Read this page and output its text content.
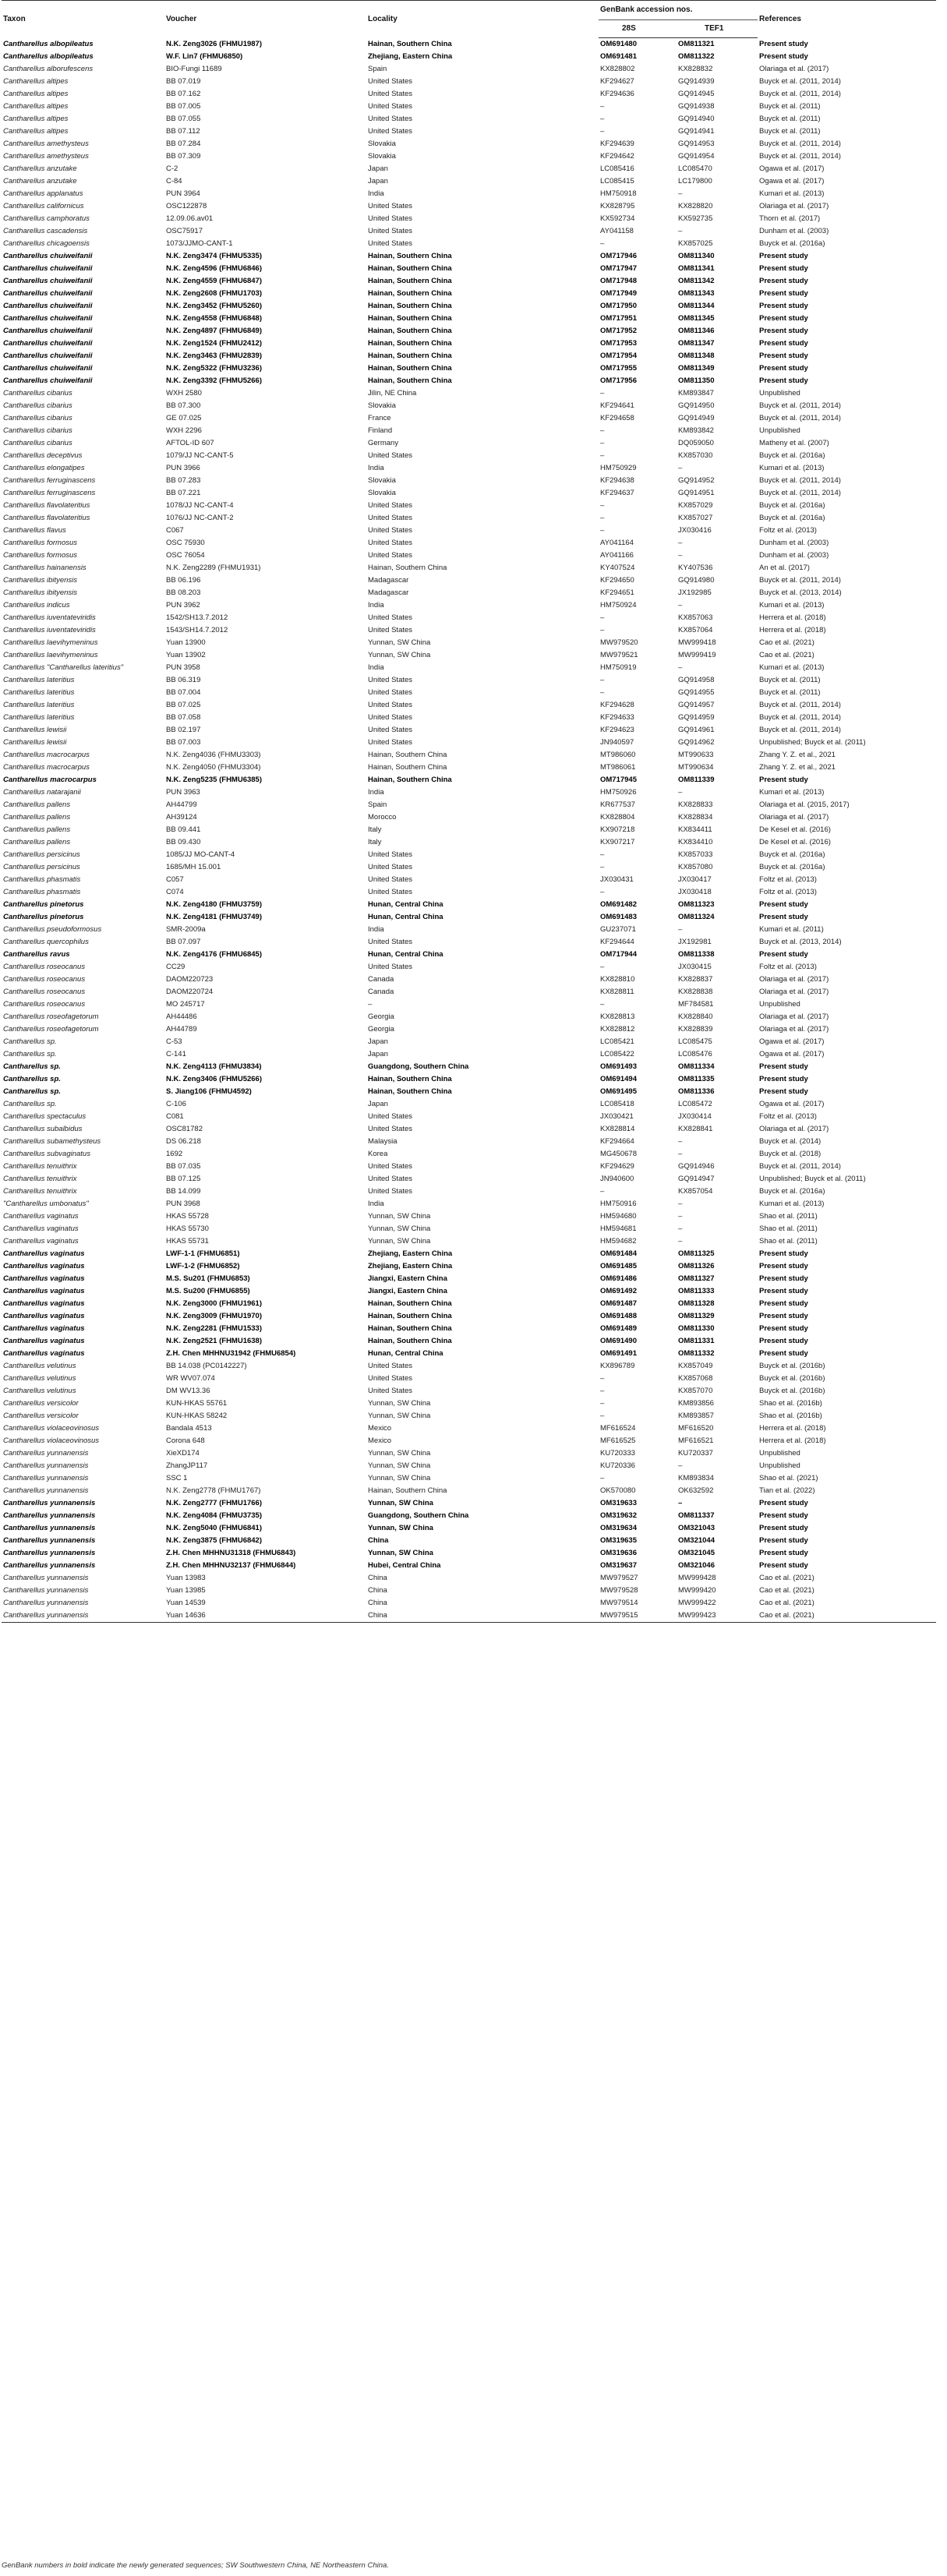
Taxon	Voucher	Locality	GenBank accession nos.		References
			28S	TEF1	
Cantharellus albopileatus	N.K. Zeng3026 (FHMU1987)	Hainan, Southern China	OM691480	OM811321	Present study
Cantharellus albopileatus	W.F. Lin7 (FHMU6850)	Zhejiang, Eastern China	OM691481	OM811322	Present study
Cantharellus alborufescens	BIO-Fungi 11689	Spain	KX828802	KX828832	Olariaga et al. (2017)
Cantharellus altipes	BB 07.019	United States	KF294627	GQ914939	Buyck et al. (2011, 2014)
Cantharellus altipes	BB 07.162	United States	KF294636	GQ914945	Buyck et al. (2011, 2014)
Cantharellus altipes	BB 07.005	United States	–	GQ914938	Buyck et al. (2011)
Cantharellus altipes	BB 07.055	United States	–	GQ914940	Buyck et al. (2011)
Cantharellus altipes	BB 07.112	United States	–	GQ914941	Buyck et al. (2011)
Cantharellus amethysteus	BB 07.284	Slovakia	KF294639	GQ914953	Buyck et al. (2011, 2014)
Cantharellus amethysteus	BB 07.309	Slovakia	KF294642	GQ914954	Buyck et al. (2011, 2014)
Cantharellus anzutake	C-2	Japan	LC085416	LC085470	Ogawa et al. (2017)
Cantharellus anzutake	C-84	Japan	LC085415	LC179800	Ogawa et al. (2017)
Cantharellus applanatus	PUN 3964	India	HM750918	–	Kumari et al. (2013)
Cantharellus californicus	OSC122878	United States	KX828795	KX828820	Olariaga et al. (2017)
Cantharellus camphoratus	12.09.06.av01	United States	KX592734	KX592735	Thorn et al. (2017)
Cantharellus cascadensis	OSC75917	United States	AY041158	–	Dunham et al. (2003)
Cantharellus chicagoensis	1073/JJMO-CANT-1	United States	–	KX857025	Buyck et al. (2016a)
Cantharellus chuiweifanii	N.K. Zeng3474 (FHMU5335)	Hainan, Southern China	OM717946	OM811340	Present study
Cantharellus chuiweifanii	N.K. Zeng4596 (FHMU6846)	Hainan, Southern China	OM717947	OM811341	Present study
Cantharellus chuiweifanii	N.K. Zeng4559 (FHMU6847)	Hainan, Southern China	OM717948	OM811342	Present study
Cantharellus chuiweifanii	N.K. Zeng2608 (FHMU1703)	Hainan, Southern China	OM717949	OM811343	Present study
Cantharellus chuiweifanii	N.K. Zeng3452 (FHMU5260)	Hainan, Southern China	OM717950	OM811344	Present study
Cantharellus chuiweifanii	N.K. Zeng4558 (FHMU6848)	Hainan, Southern China	OM717951	OM811345	Present study
Cantharellus chuiweifanii	N.K. Zeng4897 (FHMU6849)	Hainan, Southern China	OM717952	OM811346	Present study
Cantharellus chuiweifanii	N.K. Zeng1524 (FHMU2412)	Hainan, Southern China	OM717953	OM811347	Present study
Cantharellus chuiweifanii	N.K. Zeng3463 (FHMU2839)	Hainan, Southern China	OM717954	OM811348	Present study
Cantharellus chuiweifanii	N.K. Zeng5322 (FHMU3236)	Hainan, Southern China	OM717955	OM811349	Present study
Cantharellus chuiweifanii	N.K. Zeng3392 (FHMU5266)	Hainan, Southern China	OM717956	OM811350	Present study
Cantharellus cibarius	WXH 2580	Jilin, NE China	–	KM893847	Unpublished
Cantharellus cibarius	BB 07.300	Slovakia	KF294641	GQ914950	Buyck et al. (2011, 2014)
Cantharellus cibarius	GE 07.025	France	KF294658	GQ914949	Buyck et al. (2011, 2014)
Cantharellus cibarius	WXH 2296	Finland	–	KM893842	Unpublished
Cantharellus cibarius	AFTOL-ID 607	Germany	–	DQ059050	Matheny et al. (2007)
Cantharellus deceptivus	1079/JJ NC-CANT-5	United States	–	KX857030	Buyck et al. (2016a)
Cantharellus elongatipes	PUN 3966	India	HM750929	–	Kumari et al. (2013)
Cantharellus ferruginascens	BB 07.283	Slovakia	KF294638	GQ914952	Buyck et al. (2011, 2014)
Cantharellus ferruginascens	BB 07.221	Slovakia	KF294637	GQ914951	Buyck et al. (2011, 2014)
Cantharellus flavolateritius	1078/JJ NC-CANT-4	United States	–	KX857029	Buyck et al. (2016a)
Cantharellus flavolateritius	1076/JJ NC-CANT-2	United States	–	KX857027	Buyck et al. (2016a)
Cantharellus flavus	C067	United States	–	JX030416	Foltz et al. (2013)
Cantharellus formosus	OSC 75930	United States	AY041164	–	Dunham et al. (2003)
Cantharellus formosus	OSC 76054	United States	AY041166	–	Dunham et al. (2003)
Cantharellus hainanensis	N.K. Zeng2289 (FHMU1931)	Hainan, Southern China	KY407524	KY407536	An et al. (2017)
Cantharellus ibityensis	BB 06.196	Madagascar	KF294650	GQ914980	Buyck et al. (2011, 2014)
Cantharellus ibityensis	BB 08.203	Madagascar	KF294651	JX192985	Buyck et al. (2013, 2014)
Cantharellus indicus	PUN 3962	India	HM750924	–	Kumari et al. (2013)
Cantharellus iuventateviridis	1542/SH13.7.2012	United States	–	KX857063	Herrera et al. (2018)
Cantharellus iuventateviridis	1543/SH14.7.2012	United States	–	KX857064	Herrera et al. (2018)
Cantharellus laevihymeninus	Yuan 13900	Yunnan, SW China	MW979520	MW999418	Cao et al. (2021)
Cantharellus laevihymeninus	Yuan 13902	Yunnan, SW China	MW979521	MW999419	Cao et al. (2021)
Cantharellus "Cantharellus lateritius"	PUN 3958	India	HM750919	–	Kumari et al. (2013)
Cantharellus lateritius	BB 06.319	United States	–	GQ914958	Buyck et al. (2011)
Cantharellus lateritius	BB 07.004	United States	–	GQ914955	Buyck et al. (2011)
Cantharellus lateritius	BB 07.025	United States	KF294628	GQ914957	Buyck et al. (2011, 2014)
Cantharellus lateritius	BB 07.058	United States	KF294633	GQ914959	Buyck et al. (2011, 2014)
Cantharellus lewisii	BB 02.197	United States	KF294623	GQ914961	Buyck et al. (2011, 2014)
Cantharellus lewisii	BB 07.003	United States	JN940597	GQ914962	Unpublished; Buyck et al. (2011)
Cantharellus macrocarpus	N.K. Zeng4036 (FHMU3303)	Hainan, Southern China	MT986060	MT990633	Zhang Y. Z. et al., 2021
Cantharellus macrocarpus	N.K. Zeng4050 (FHMU3304)	Hainan, Southern China	MT986061	MT990634	Zhang Y. Z. et al., 2021
Cantharellus macrocarpus	N.K. Zeng5235 (FHMU6385)	Hainan, Southern China	OM717945	OM811339	Present study
Cantharellus natarajanii	PUN 3963	India	HM750926	–	Kumari et al. (2013)
Cantharellus pallens	AH44799	Spain	KR677537	KX828833	Olariaga et al. (2015, 2017)
Cantharellus pallens	AH39124	Morocco	KX828804	KX828834	Olariaga et al. (2017)
Cantharellus pallens	BB 09.441	Italy	KX907218	KX834411	De Kesel et al. (2016)
Cantharellus pallens	BB 09.430	Italy	KX907217	KX834410	De Kesel et al. (2016)
Cantharellus persicinus	1085/JJ MO-CANT-4	United States	–	KX857033	Buyck et al. (2016a)
Cantharellus persicinus	1685/MH 15.001	United States	–	KX857080	Buyck et al. (2016a)
Cantharellus phasmatis	C057	United States	JX030431	JX030417	Foltz et al. (2013)
Cantharellus phasmatis	C074	United States	–	JX030418	Foltz et al. (2013)
Cantharellus pinetorus	N.K. Zeng4180 (FHMU3759)	Hunan, Central China	OM691482	OM811323	Present study
Cantharellus pinetorus	N.K. Zeng4181 (FHMU3749)	Hunan, Central China	OM691483	OM811324	Present study
Cantharellus pseudoformosus	SMR-2009a	India	GU237071	–	Kumari et al. (2011)
Cantharellus quercophilus	BB 07.097	United States	KF294644	JX192981	Buyck et al. (2013, 2014)
Cantharellus ravus	N.K. Zeng4176 (FHMU6845)	Hunan, Central China	OM717944	OM811338	Present study
Cantharellus roseocanus	CC29	United States	–	JX030415	Foltz et al. (2013)
Cantharellus roseocanus	DAOM220723	Canada	KX828810	KX828837	Olariaga et al. (2017)
Cantharellus roseocanus	DAOM220724	Canada	KX828811	KX828838	Olariaga et al. (2017)
Cantharellus roseocanus	MO 245717	–	–	MF784581	Unpublished
Cantharellus roseofagetorum	AH44486	Georgia	KX828813	KX828840	Olariaga et al. (2017)
Cantharellus roseofagetorum	AH44789	Georgia	KX828812	KX828839	Olariaga et al. (2017)
Cantharellus sp.	C-53	Japan	LC085421	LC085475	Ogawa et al. (2017)
Cantharellus sp.	C-141	Japan	LC085422	LC085476	Ogawa et al. (2017)
Cantharellus sp.	N.K. Zeng4113 (FHMU3834)	Guangdong, Southern China	OM691493	OM811334	Present study
Cantharellus sp.	N.K. Zeng3406 (FHMU5266)	Hainan, Southern China	OM691494	OM811335	Present study
Cantharellus sp.	S. Jiang106 (FHMU4592)	Hainan, Southern China	OM691495	OM811336	Present study
Cantharellus sp.	C-106	Japan	LC085418	LC085472	Ogawa et al. (2017)
Cantharellus spectaculus	C081	United States	JX030421	JX030414	Foltz et al. (2013)
Cantharellus subalbidus	OSC81782	United States	KX828814	KX828841	Olariaga et al. (2017)
Cantharellus subamethysteus	DS 06.218	Malaysia	KF294664	–	Buyck et al. (2014)
Cantharellus subvaginatus	1692	Korea	MG450678	–	Buyck et al. (2018)
Cantharellus tenuithrix	BB 07.035	United States	KF294629	GQ914946	Buyck et al. (2011, 2014)
Cantharellus tenuithrix	BB 07.125	United States	JN940600	GQ914947	Unpublished; Buyck et al. (2011)
Cantharellus tenuithrix	BB 14.099	United States	–	KX857054	Buyck et al. (2016a)
"Cantharellus umbonatus"	PUN 3968	India	HM750916	–	Kumari et al. (2013)
Cantharellus vaginatus	HKAS 55728	Yunnan, SW China	HM594680	–	Shao et al. (2011)
Cantharellus vaginatus	HKAS 55730	Yunnan, SW China	HM594681	–	Shao et al. (2011)
Cantharellus vaginatus	HKAS 55731	Yunnan, SW China	HM594682	–	Shao et al. (2011)
Cantharellus vaginatus	LWF-1-1 (FHMU6851)	Zhejiang, Eastern China	OM691484	OM811325	Present study
Cantharellus vaginatus	LWF-1-2 (FHMU6852)	Zhejiang, Eastern China	OM691485	OM811326	Present study
Cantharellus vaginatus	M.S. Su201 (FHMU6853)	Jiangxi, Eastern China	OM691486	OM811327	Present study
Cantharellus vaginatus	M.S. Su200 (FHMU6855)	Jiangxi, Eastern China	OM691492	OM811333	Present study
Cantharellus vaginatus	N.K. Zeng3000 (FHMU1961)	Hainan, Southern China	OM691487	OM811328	Present study
Cantharellus vaginatus	N.K. Zeng3009 (FHMU1970)	Hainan, Southern China	OM691488	OM811329	Present study
Cantharellus vaginatus	N.K. Zeng2281 (FHMU1533)	Hainan, Southern China	OM691489	OM811330	Present study
Cantharellus vaginatus	N.K. Zeng2521 (FHMU1638)	Hainan, Southern China	OM691490	OM811331	Present study
Cantharellus vaginatus	Z.H. Chen MHHNU31942 (FHMU6854)	Hunan, Central China	OM691491	OM811332	Present study
Cantharellus velutinus	BB 14.038 (PC0142227)	United States	KX896789	KX857049	Buyck et al. (2016b)
Cantharellus velutinus	WR WV07.074	United States	–	KX857068	Buyck et al. (2016b)
Cantharellus velutinus	DM WV13.36	United States	–	KX857070	Buyck et al. (2016b)
Cantharellus versicolor	KUN-HKAS 55761	Yunnan, SW China	–	KM893856	Shao et al. (2016b)
Cantharellus versicolor	KUN-HKAS 58242	Yunnan, SW China	–	KM893857	Shao et al. (2016b)
Cantharellus violaceovinosus	Bandala 4513	Mexico	MF616524	MF616520	Herrera et al. (2018)
Cantharellus violaceovinosus	Corona 648	Mexico	MF616525	MF616521	Herrera et al. (2018)
Cantharellus yunnanensis	XieXD174	Yunnan, SW China	KU720333	KU720337	Unpublished
Cantharellus yunnanensis	ZhangJP117	Yunnan, SW China	KU720336	–	Unpublished
Cantharellus yunnanensis	SSC 1	Yunnan, SW China	–	KM893834	Shao et al. (2021)
Cantharellus yunnanensis	N.K. Zeng2778 (FHMU1767)	Hainan, Southern China	OK570080	OK632592	Tian et al. (2022)
Cantharellus yunnanensis	N.K. Zeng2777 (FHMU1766)	Yunnan, SW China	OM319633	–	Present study
Cantharellus yunnanensis	N.K. Zeng4084 (FHMU3735)	Guangdong, Southern China	OM319632	OM811337	Present study
Cantharellus yunnanensis	N.K. Zeng5040 (FHMU6841)	Yunnan, SW China	OM319634	OM321043	Present study
Cantharellus yunnanensis	N.K. Zeng3875 (FHMU6842)	China	OM319635	OM321044	Present study
Cantharellus yunnanensis	Z.H. Chen MHHNU31318 (FHMU6843)	Yunnan, SW China	OM319636	OM321045	Present study
Cantharellus yunnanensis	Z.H. Chen MHHNU32137 (FHMU6844)	Hubei, Central China	OM319637	OM321046	Present study
Cantharellus yunnanensis	Yuan 13983	China	MW979527	MW999428	Cao et al. (2021)
Cantharellus yunnanensis	Yuan 13985	China	MW979528	MW999420	Cao et al. (2021)
Cantharellus yunnanensis	Yuan 14539	China	MW979514	MW999422	Cao et al. (2021)
Cantharellus yunnanensis	Yuan 14636	China	MW979515	MW999423	Cao et al. (2021)
GenBank numbers in bold indicate the newly generated sequences; SW Southwestern China, NE Northeastern China.
